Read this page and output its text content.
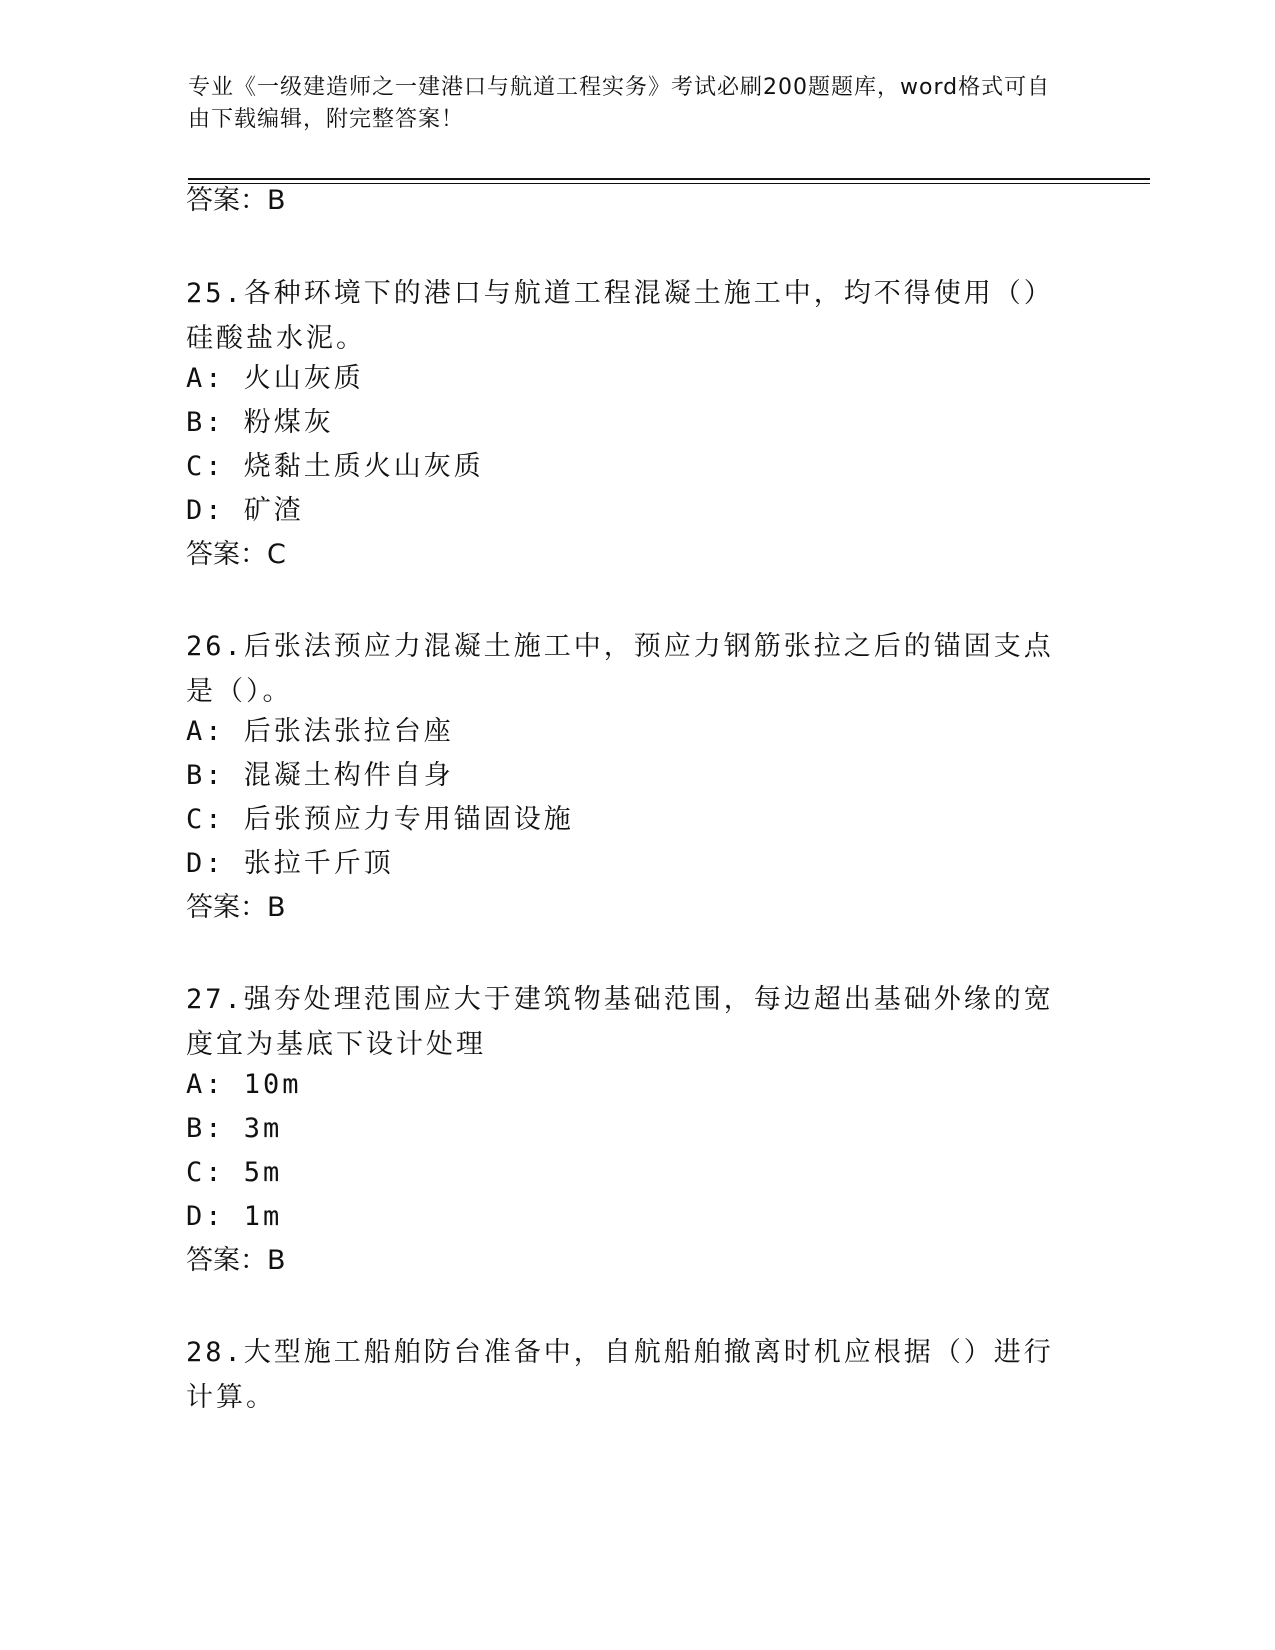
专业《一级建造师之一建港口与航道工程实务》考试必刷200题题库，word格式可自由下载编辑，附完整答案！
答案：B
25.各种环境下的港口与航道工程混凝土施工中，均不得使用（）硅酸盐水泥。
A: 火山灰质
B: 粉煤灰
C: 烧黏土质火山灰质
D: 矿渣
答案：C
26.后张法预应力混凝土施工中，预应力钢筋张拉之后的锚固支点是（）。
A: 后张法张拉台座
B: 混凝土构件自身
C: 后张预应力专用锚固设施
D: 张拉千斤顶
答案：B
27.强夯处理范围应大于建筑物基础范围，每边超出基础外缘的宽度宜为基底下设计处理
A: 10m
B: 3m
C: 5m
D: 1m
答案：B
28.大型施工船舶防台准备中，自航船舶撤离时机应根据（）进行计算。
